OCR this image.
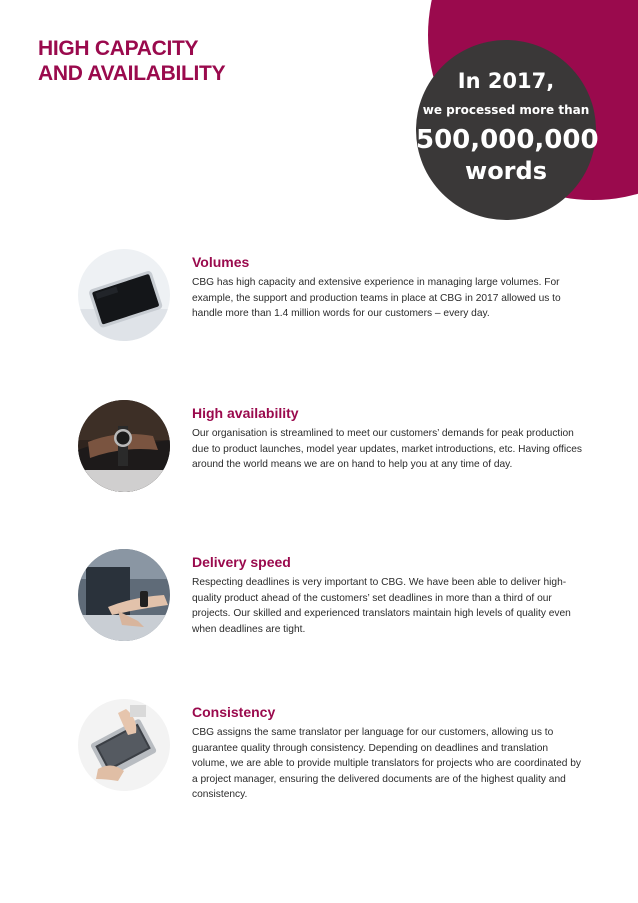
HIGH CAPACITY
AND AVAILABILITY	In 2017,
we processed more than
500,000,000
words
Volumes

CBG has high capacity and extensive experience in managing large volumes. For example, the support and production teams in place at CBG in 2017 allowed us to handle more than 1.4 million words for our customers – every day.

High availability

Our organisation is streamlined to meet our customers’ demands for peak production due to product launches, model year updates, market introductions, etc. Having offices around the world means we are on hand to help you at any time of day.

Delivery speed

Respecting deadlines is very important to CBG. We have been able to deliver high-quality product ahead of the customers’ set deadlines in more than a third of our projects. Our skilled and experienced translators maintain high levels of quality even when deadlines are tight.

Consistency

CBG assigns the same translator per language for our customers, allowing us to guarantee quality through consistency. Depending on deadlines and translation volume, we are able to provide multiple translators for projects who are coordinated by a project manager, ensuring the delivered documents are of the highest quality and consistency.
